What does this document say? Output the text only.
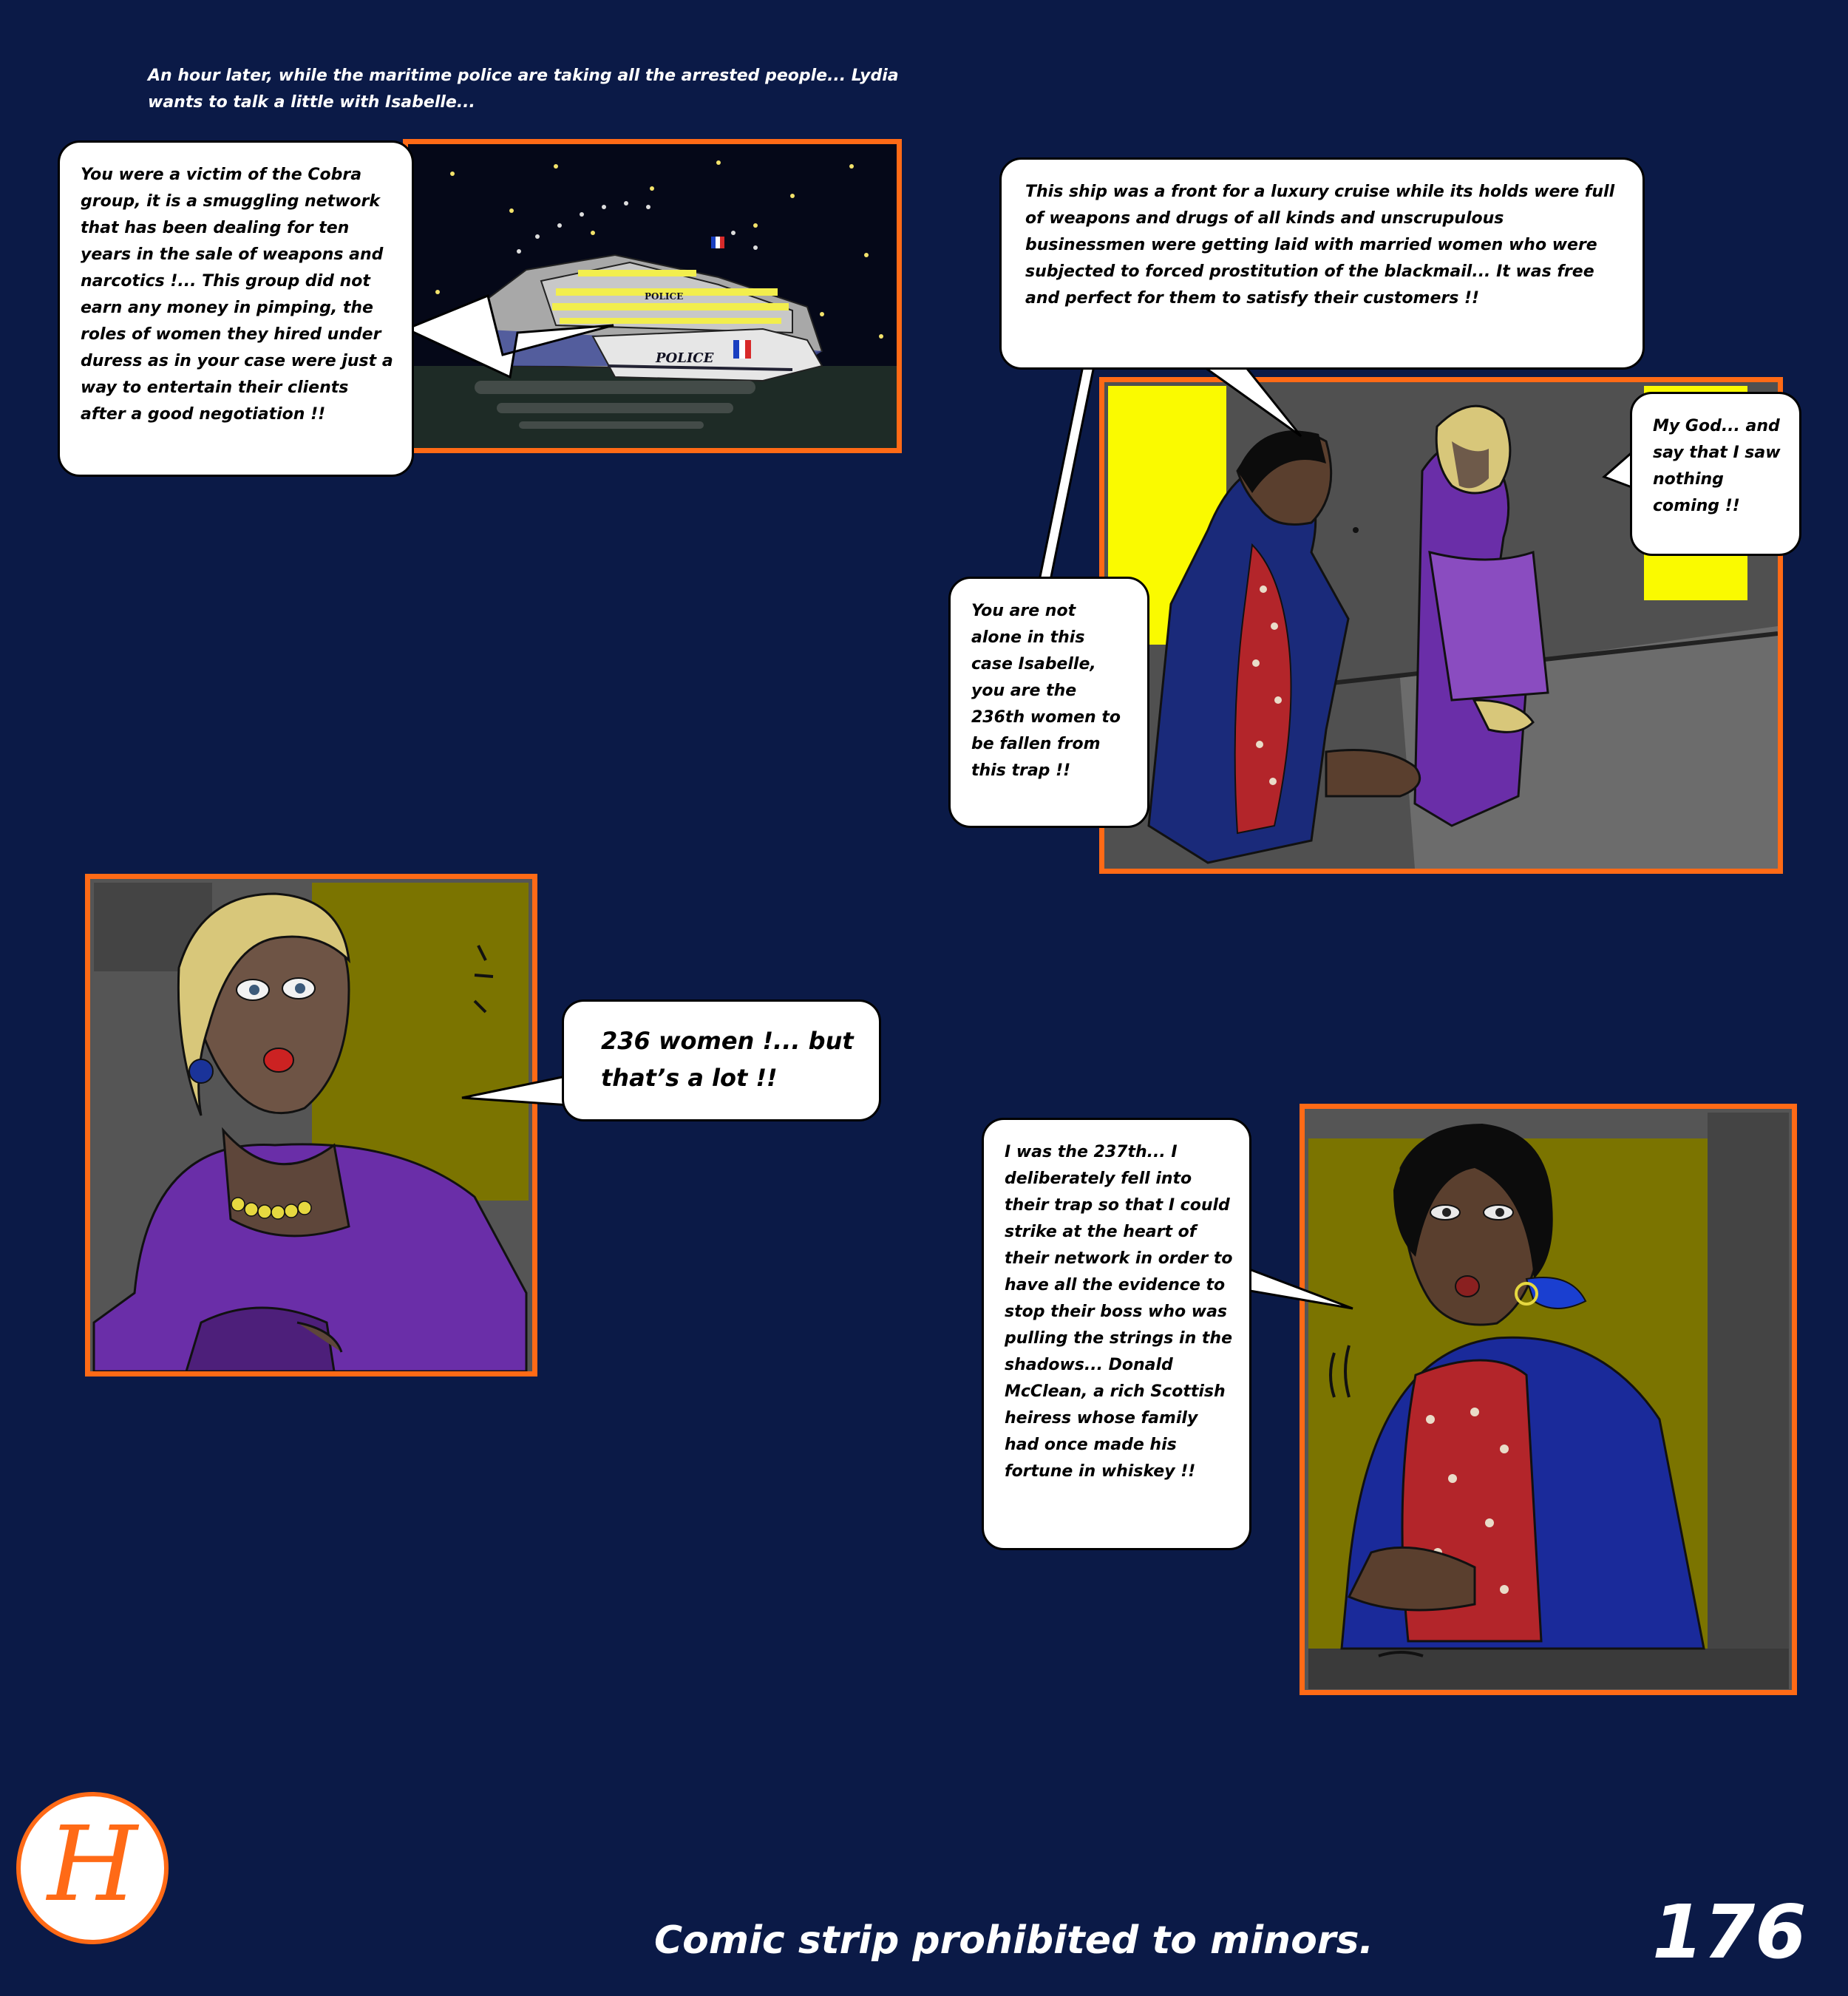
An hour later, while the maritime police are taking all the arrested people... Lydia wants to talk a little with Isabelle...
POLICE
POLICE
You were a victim of the Cobra group, it is a smuggling network that has been dealing for ten years in the sale of weapons and narcotics !... This group did not earn any money in pimping, the roles of women they hired under duress as in your case were just a way to entertain their clients after a good negotiation !!
This ship was a front for a luxury cruise while its holds were full of weapons and drugs of all kinds and unscrupulous businessmen were getting laid with married women who were subjected to forced prostitution of the blackmail... It was free and perfect for them to satisfy their customers !!
My God... and say that I saw nothing coming !!
You are not alone in this case Isabelle, you are the 236th women to be fallen from this trap !!
236 women !... but that’s a lot !!
I was the 237th... I deliberately fell into their trap so that I could strike at the heart of their network in order to have all the evidence to stop their boss who was pulling the strings in the shadows... Donald McClean, a rich Scottish heiress whose family had once made his fortune in whiskey !!
H
Comic strip prohibited to minors.	176
